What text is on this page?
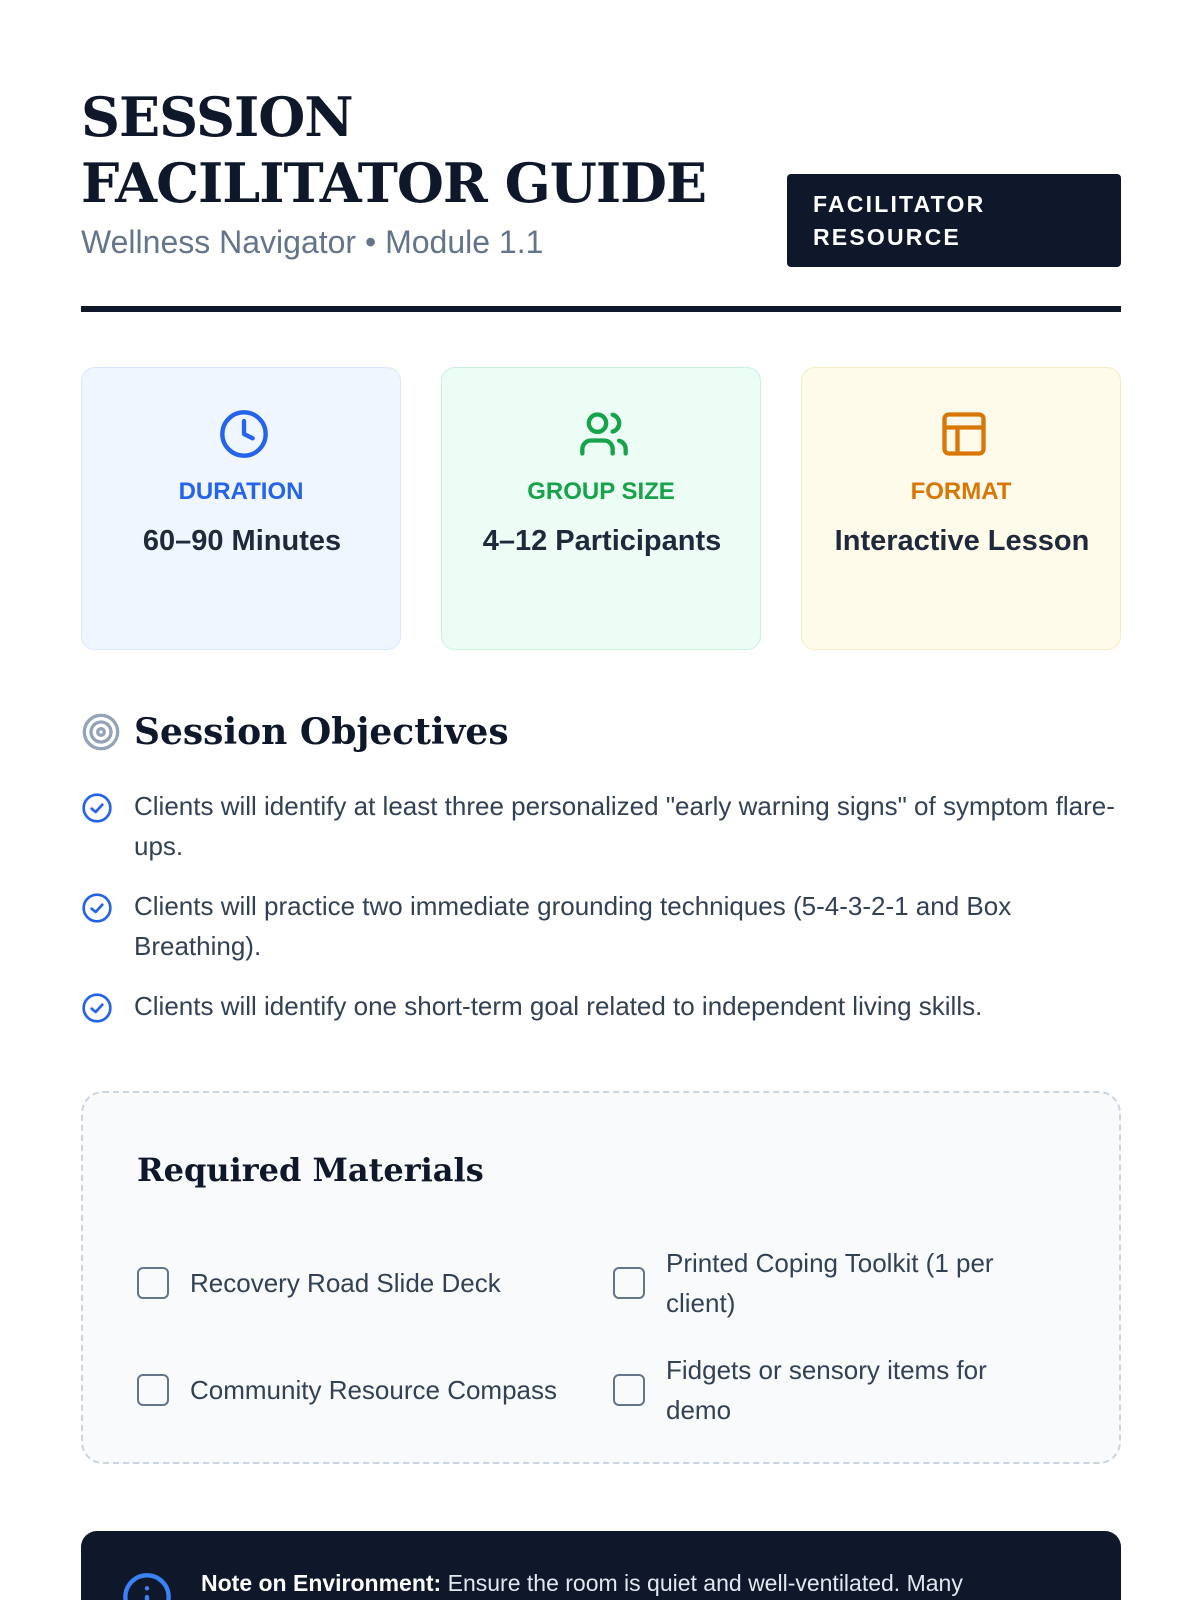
SESSION FACILITATOR GUIDE
Wellness Navigator • Module 1.1
FACILITATOR RESOURCE
DURATION
60–90 Minutes
GROUP SIZE
4–12 Participants
FORMAT
Interactive Lesson
Session Objectives
Clients will identify at least three personalized "early warning signs" of symptom flare-ups.
Clients will practice two immediate grounding techniques (5-4-3-2-1 and Box Breathing).
Clients will identify one short-term goal related to independent living skills.
Required Materials
Recovery Road Slide Deck
Printed Coping Toolkit (1 per client)
Community Resource Compass
Fidgets or sensory items for demo
Note on Environment: Ensure the room is quiet and well-ventilated. Many
